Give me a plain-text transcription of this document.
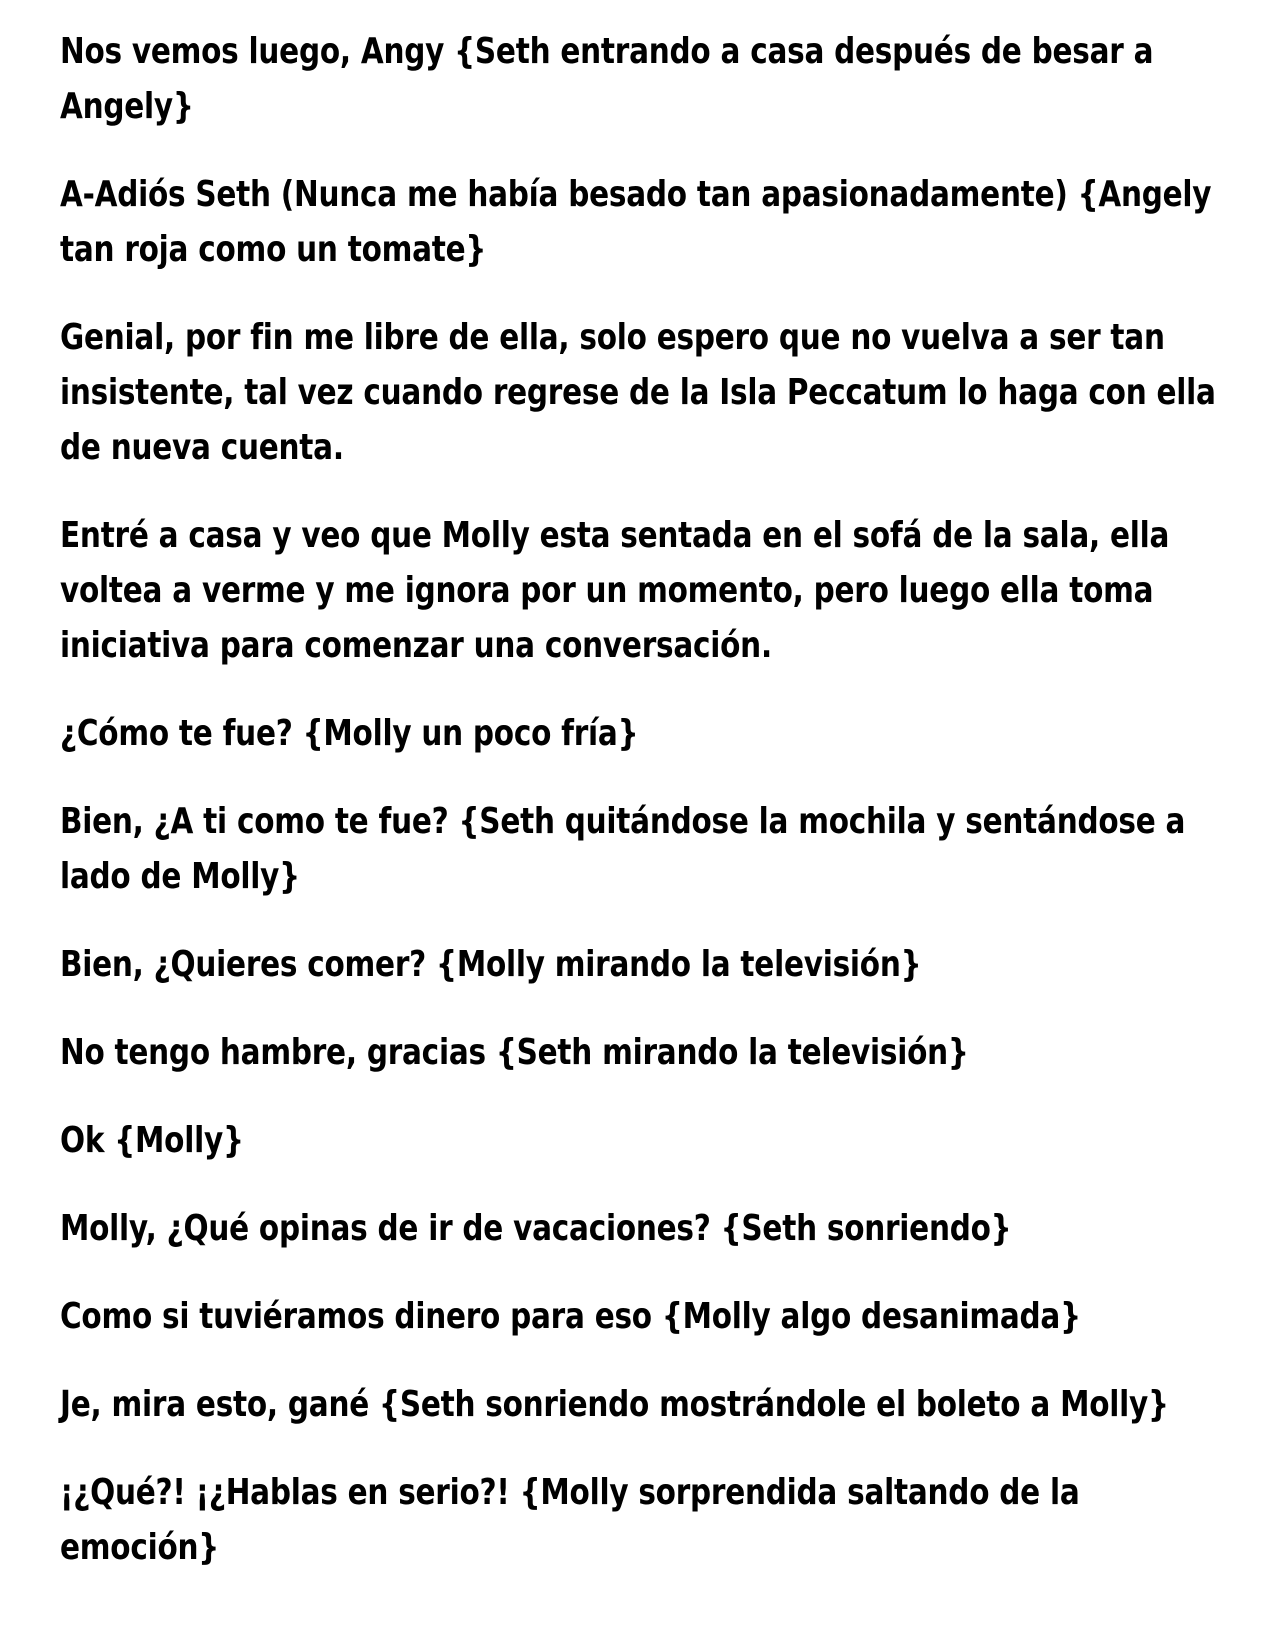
Nos vemos luego, Angy {Seth entrando a casa después de besar a Angely}

A-Adiós Seth (Nunca me había besado tan apasionadamente) {Angely tan roja como un tomate}

Genial, por fin me libre de ella, solo espero que no vuelva a ser tan insistente, tal vez cuando regrese de la Isla Peccatum lo haga con ella de nueva cuenta.

Entré a casa y veo que Molly esta sentada en el sofá de la sala, ella voltea a verme y me ignora por un momento, pero luego ella toma iniciativa para comenzar una conversación.

¿Cómo te fue? {Molly un poco fría}

Bien, ¿A ti como te fue? {Seth quitándose la mochila y sentándose a lado de Molly}

Bien, ¿Quieres comer? {Molly mirando la televisión}

No tengo hambre, gracias {Seth mirando la televisión}

Ok {Molly}

Molly, ¿Qué opinas de ir de vacaciones? {Seth sonriendo}

Como si tuviéramos dinero para eso {Molly algo desanimada}

Je, mira esto, gané {Seth sonriendo mostrándole el boleto a Molly}

¡¿Qué?! ¡¿Hablas en serio?! {Molly sorprendida saltando de la emoción}
